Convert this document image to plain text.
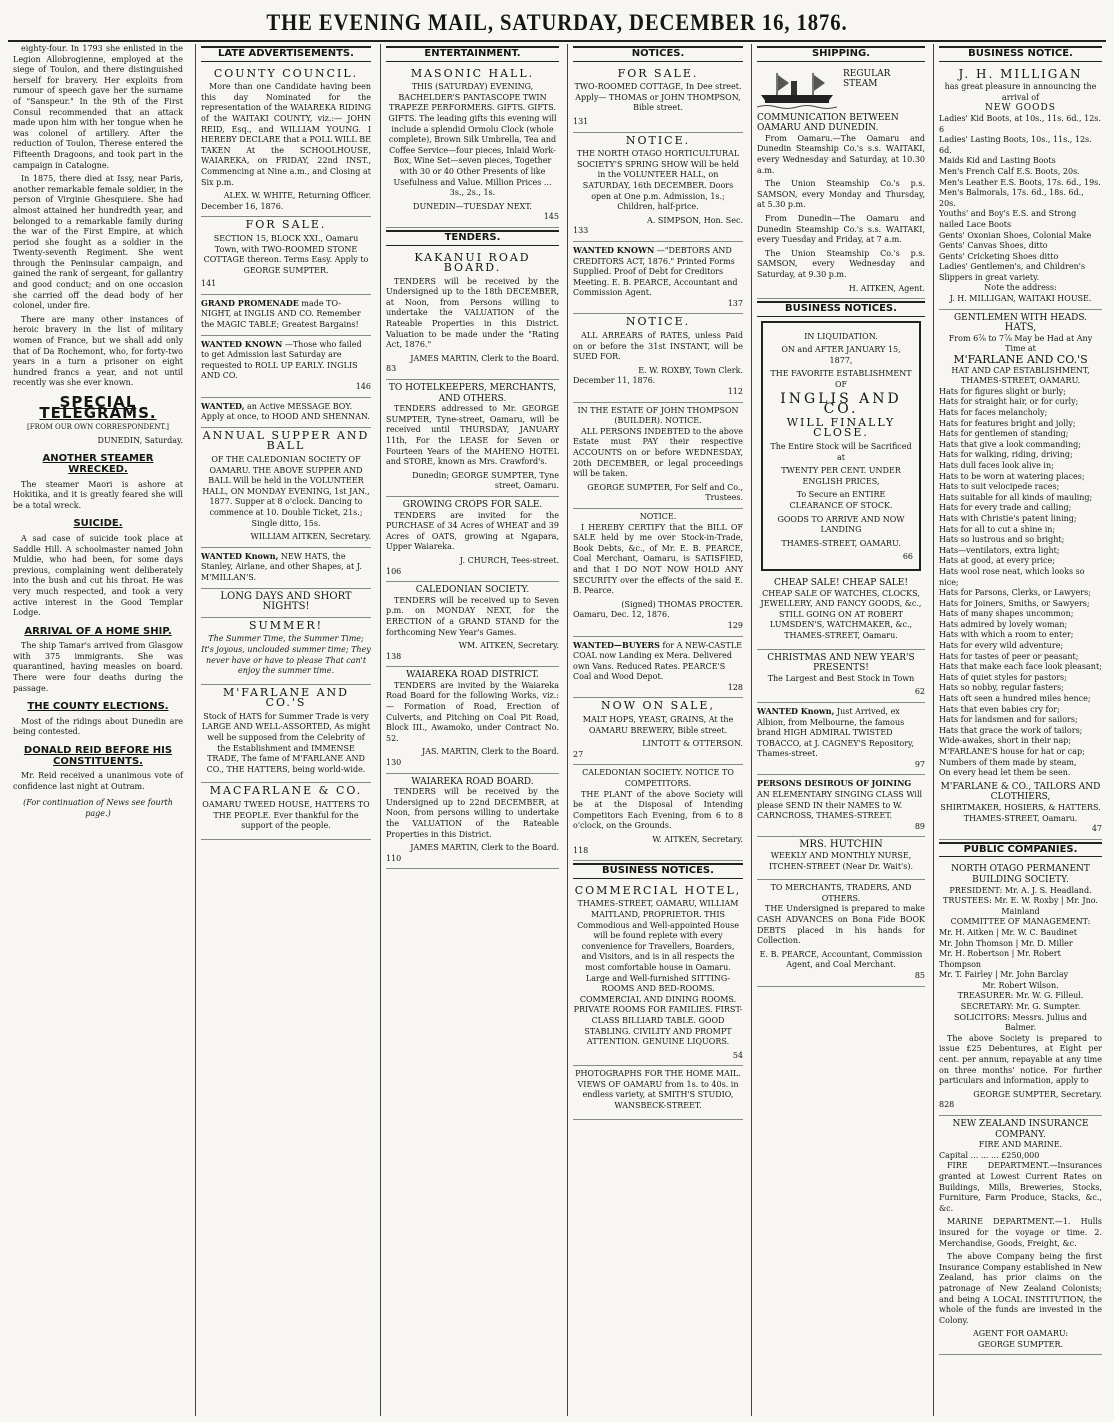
THE EVENING MAIL, SATURDAY, DECEMBER 16, 1876.

eighty-four. In 1793 she enlisted in the Legion Allobrogienne, employed at the siege of Toulon, and there distinguished herself for bravery. Her exploits from rumour of speech gave her the surname of "Sanspeur." In the 9th of the First Consul recommended that an attack made upon him with her tongue when he was colonel of artillery. After the reduction of Toulon, Therese entered the Fifteenth Dragoons, and took part in the campaign in Catalogne.

In 1875, there died at Issy, near Paris, another remarkable female soldier, in the person of Virginie Ghesquiere. She had almost attained her hundredth year, and belonged to a remarkable family during the war of the First Empire, at which period she fought as a soldier in the Twenty-seventh Regiment. She went through the Peninsular campaign, and gained the rank of sergeant, for gallantry and good conduct; and on one occasion she carried off the dead body of her colonel, under fire.

There are many other instances of heroic bravery in the list of military women of France, but we shall add only that of Da Rochemont, who, for forty-two years in a turn a prisoner on eight hundred francs a year, and not until recently was she ever known.

SPECIAL TELEGRAMS.
[FROM OUR OWN CORRESPONDENT.]
DUNEDIN, Saturday.
ANOTHER STEAMER WRECKED.

The steamer Maori is ashore at Hokitika, and it is greatly feared she will be a total wreck.

SUICIDE.

A sad case of suicide took place at Saddle Hill. A schoolmaster named John Muldie, who had been, for some days previous, complaining went deliberately into the bush and cut his throat. He was very much respected, and took a very active interest in the Good Templar Lodge.

ARRIVAL OF A HOME SHIP.

The ship Tamar's arrived from Glasgow with 375 immigrants. She was quarantined, having measles on board. There were four deaths during the passage.

THE COUNTY ELECTIONS.

Most of the ridings about Dunedin are being contested.

DONALD REID BEFORE HIS CONSTITUENTS.

Mr. Reid received a unanimous vote of confidence last night at Outram.

(For continuation of News see fourth page.)
LATE ADVERTISEMENTS.
COUNTY COUNCIL.

More than one Candidate having been this day Nominated for the representation of the WAIAREKA RIDING of the WAITAKI COUNTY, viz.:— JOHN REID, Esq., and WILLIAM YOUNG. I HEREBY DECLARE that a POLL WILL BE TAKEN At the SCHOOLHOUSE, WAIAREKA, on FRIDAY, 22nd INST., Commencing at Nine a.m., and Closing at Six p.m.

ALEX. W. WHITE, Returning Officer.
December 16, 1876.
FOR SALE.

SECTION 15, BLOCK XXI., Oamaru Town, with TWO-ROOMED STONE COTTAGE thereon. Terms Easy. Apply to GEORGE SUMPTER.

141
GRAND PROMENADE made TO-NIGHT, at INGLIS AND CO. Remember the MAGIC TABLE; Greatest Bargains!
WANTED KNOWN —Those who failed to get Admission last Saturday are requested to ROLL UP EARLY. INGLIS AND CO.
146
WANTED, an Active MESSAGE BOY. Apply at once, to HOOD AND SHENNAN.
ANNUAL SUPPER AND BALL

OF THE CALEDONIAN SOCIETY OF OAMARU. THE ABOVE SUPPER AND BALL Will be held in the VOLUNTEER HALL, ON MONDAY EVENING, 1st JAN., 1877. Supper at 8 o'clock. Dancing to commence at 10. Double Ticket, 21s.; Single ditto, 15s.

WILLIAM AITKEN, Secretary.
WANTED Known, NEW HATS, the Stanley, Airlane, and other Shapes, at J. M'MILLAN'S.
LONG DAYS AND SHORT NIGHTS!
SUMMER!

The Summer Time, the Summer Time; It's joyous, unclouded summer time; They never have or have to please That can't enjoy the summer time.

M'FARLANE AND CO.'S

Stock of HATS for Summer Trade is very LARGE AND WELL-ASSORTED, As might well be supposed from the Celebrity of the Establishment and IMMENSE TRADE, The fame of M'FARLANE AND CO., THE HATTERS, being world-wide.

MACFARLANE & CO.

OAMARU TWEED HOUSE, HATTERS TO THE PEOPLE. Ever thankful for the support of the people.

ENTERTAINMENT.
MASONIC HALL.

THIS (SATURDAY) EVENING, BACHELDER'S PANTASCOPE TWIN TRAPEZE PERFORMERS. GIFTS. GIFTS. GIFTS. The leading gifts this evening will include a splendid Ormolu Clock (whole complete), Brown Silk Umbrella, Tea and Coffee Service—four pieces, Inlaid Work-Box, Wine Set—seven pieces, Together with 30 or 40 Other Presents of like Usefulness and Value. Million Prices ... 3s., 2s., 1s.

DUNEDIN—TUESDAY NEXT.
145
TENDERS.
KAKANUI ROAD BOARD.

TENDERS will be received by the Undersigned up to the 18th DECEMBER, at Noon, from Persons willing to undertake the VALUATION of the Rateable Properties in this District. Valuation to be made under the "Rating Act, 1876."

JAMES MARTIN, Clerk to the Board.
83
TO HOTELKEEPERS, MERCHANTS, AND OTHERS.

TENDERS addressed to Mr. GEORGE SUMPTER, Tyne-street, Oamaru, will be received until THURSDAY, JANUARY 11th, For the LEASE for Seven or Fourteen Years of the MAHENO HOTEL and STORE, known as Mrs. Crawford's.

Dunedin; GEORGE SUMPTER, Tyne street, Oamaru.
GROWING CROPS FOR SALE.

TENDERS are invited for the PURCHASE of 34 Acres of WHEAT and 39 Acres of OATS, growing at Ngapara, Upper Waiareka.

J. CHURCH, Tees-street.
106
CALEDONIAN SOCIETY.

TENDERS will be received up to Seven p.m. on MONDAY NEXT, for the ERECTION of a GRAND STAND for the forthcoming New Year's Games.

WM. AITKEN, Secretary.
138
WAIAREKA ROAD DISTRICT.

TENDERS are invited by the Waiareka Road Board for the following Works, viz.:— Formation of Road, Erection of Culverts, and Pitching on Coal Pit Road, Block III., Awamoko, under Contract No. 52.

JAS. MARTIN, Clerk to the Board.
130
WAIAREKA ROAD BOARD.

TENDERS will be received by the Undersigned up to 22nd DECEMBER, at Noon, from persons willing to undertake the VALUATION of the Rateable Properties in this District.

JAMES MARTIN, Clerk to the Board.
110
NOTICES.
FOR SALE.

TWO-ROOMED COTTAGE, In Dee street. Apply— THOMAS or JOHN THOMPSON, Bible street.

131
NOTICE.

THE NORTH OTAGO HORTICULTURAL SOCIETY'S SPRING SHOW Will be held in the VOLUNTEER HALL, on SATURDAY, 16th DECEMBER. Doors open at One p.m. Admission, 1s.; Children, half-price.

A. SIMPSON, Hon. Sec.
133
WANTED KNOWN —"DEBTORS AND CREDITORS ACT, 1876." Printed Forms Supplied. Proof of Debt for Creditors Meeting. E. B. PEARCE, Accountant and Commission Agent.
137
NOTICE.

ALL ARREARS of RATES, unless Paid on or before the 31st INSTANT, will be SUED FOR.

E. W. ROXBY, Town Clerk.
December 11, 1876.
112
IN THE ESTATE OF JOHN THOMPSON (BUILDER). NOTICE.

ALL PERSONS INDEBTED to the above Estate must PAY their respective ACCOUNTS on or before WEDNESDAY, 20th DECEMBER, or legal proceedings will be taken.

GEORGE SUMPTER, For Self and Co., Trustees.
NOTICE.

I HEREBY CERTIFY that the BILL OF SALE held by me over Stock-in-Trade, Book Debts, &c., of Mr. E. B. PEARCE, Coal Merchant, Oamaru, is SATISFIED, and that I DO NOT NOW HOLD ANY SECURITY over the effects of the said E. B. Pearce.

(Signed) THOMAS PROCTER.
Oamaru, Dec. 12, 1876.
129
WANTED—BUYERS for A NEW-CASTLE COAL now Landing ex Mera. Delivered own Vans. Reduced Rates. PEARCE'S Coal and Wood Depot.
128
NOW ON SALE,

MALT HOPS, YEAST, GRAINS, At the OAMARU BREWERY, Bible street.

LINTOTT & OTTERSON.
27
CALEDONIAN SOCIETY. NOTICE TO COMPETITORS.

THE PLANT of the above Society will be at the Disposal of Intending Competitors Each Evening, from 6 to 8 o'clock, on the Grounds.

W. AITKEN, Secretary.
118
BUSINESS NOTICES.
COMMERCIAL HOTEL,

THAMES-STREET, OAMARU, WILLIAM MAITLAND, PROPRIETOR. THIS Commodious and Well-appointed House will be found replete with every convenience for Travellers, Boarders, and Visitors, and is in all respects the most comfortable house in Oamaru. Large and Well-furnished SITTING-ROOMS AND BED-ROOMS. COMMERCIAL AND DINING ROOMS. PRIVATE ROOMS FOR FAMILIES. FIRST-CLASS BILLIARD TABLE. GOOD STABLING. CIVILITY AND PROMPT ATTENTION. GENUINE LIQUORS.

54
PHOTOGRAPHS FOR THE HOME MAIL.

VIEWS OF OAMARU from 1s. to 40s. in endless variety, at SMITH'S STUDIO, WANSBECK-STREET.

SHIPPING.
REGULAR STEAM COMMUNICATION BETWEEN OAMARU AND DUNEDIN.

From Oamaru.—The Oamaru and Dunedin Steamship Co.'s s.s. WAITAKI, every Wednesday and Saturday, at 10.30 a.m.

The Union Steamship Co.'s p.s. SAMSON, every Monday and Thursday, at 5.30 p.m.

From Dunedin—The Oamaru and Dunedin Steamship Co.'s s.s. WAITAKI, every Tuesday and Friday, at 7 a.m.

The Union Steamship Co.'s p.s. SAMSON, every Wednesday and Saturday, at 9.30 p.m.

H. AITKEN, Agent.
BUSINESS NOTICES.
IN LIQUIDATION.
ON and AFTER JANUARY 15, 1877,
THE FAVORITE ESTABLISHMENT OF
INGLIS AND CO.
WILL FINALLY CLOSE.
The Entire Stock will be Sacrificed at
TWENTY PER CENT. UNDER ENGLISH PRICES,
To Secure an ENTIRE CLEARANCE OF STOCK.
GOODS TO ARRIVE AND NOW LANDING
THAMES-STREET, OAMARU.
66
CHEAP SALE! CHEAP SALE!

CHEAP SALE OF WATCHES, CLOCKS, JEWELLERY, AND FANCY GOODS, &c., STILL GOING ON AT ROBERT LUMSDEN'S, WATCHMAKER, &c., THAMES-STREET, Oamaru.

CHRISTMAS AND NEW YEAR'S PRESENTS!

The Largest and Best Stock in Town

62
WANTED Known, Just Arrived, ex Albion, from Melbourne, the famous brand HIGH ADMIRAL TWISTED TOBACCO, at J. CAGNEY'S Repository, Thames-street.
97
PERSONS DESIROUS OF JOINING AN ELEMENTARY SINGING CLASS Will please SEND IN their NAMES to W. CARNCROSS, THAMES-STREET.
89
MRS. HUTCHIN

WEEKLY AND MONTHLY NURSE, ITCHEN-STREET (Near Dr. Wait's).

TO MERCHANTS, TRADERS, AND OTHERS.

THE Undersigned is prepared to make CASH ADVANCES on Bona Fide BOOK DEBTS placed in his hands for Collection.

E. B. PEARCE, Accountant, Commission Agent, and Coal Merchant.
85
BUSINESS NOTICE.
J. H. MILLIGAN
has great pleasure in announcing the arrival of
NEW GOODS
Ladies' Kid Boots, at 10s., 11s. 6d., 12s. 6
Ladies' Lasting Boots, 10s., 11s., 12s. 6d.
Maids Kid and Lasting Boots
Men's French Calf E.S. Boots, 20s.
Men's Leather E.S. Boots, 17s. 6d., 19s.
Men's Balmorals, 17s. 6d., 18s. 6d., 20s.
Youths' and Boy's E.S. and Strong nailed Lace Boots
Gents' Oxonian Shoes, Colonial Make
Gents' Canvas Shoes, ditto
Gents' Cricketing Shoes ditto
Ladies' Gentlemen's, and Children's Slippers in great variety.
Note the address:
J. H. MILLIGAN, WAITAKI HOUSE.
GENTLEMEN WITH HEADS.
HATS,
From 6⅞ to 7⅞ May be Had at Any Time at
M'FARLANE AND CO.'S
HAT AND CAP ESTABLISHMENT, THAMES-STREET, OAMARU.
Hats for figures slight or burly;
Hats for straight hair, or for curly;
Hats for faces melancholy;
Hats for features bright and jolly;
Hats for gentlemen of standing;
Hats that give a look commanding;
Hats for walking, riding, driving;
Hats dull faces look alive in;
Hats to be worn at watering places;
Hats to suit velocipede races;
Hats suitable for all kinds of mauling;
Hats for every trade and calling;
Hats with Christie's patent lining;
Hats for all to cut a shine in;
Hats so lustrous and so bright;
Hats—ventilators, extra light;
Hats at good, at every price;
Hats wool rose neat, which looks so nice;
Hats for Parsons, Clerks, or Lawyers;
Hats for Joiners, Smiths, or Sawyers;
Hats of many shapes uncommon;
Hats admired by lovely woman;
Hats with which a room to enter;
Hats for every wild adventure;
Hats for tastes of peer or peasant;
Hats that make each face look pleasant;
Hats of quiet styles for pastors;
Hats so nobby, regular fasters;
Hats oft seen a hundred miles hence;
Hats that even babies cry for;
Hats for landsmen and for sailors;
Hats that grace the work of tailors;
Wide-awakes, short in their nap;
M'FARLANE'S house for hat or cap;
Numbers of them made by steam,
On every head let them be seen.
M'FARLANE & CO., TAILORS AND CLOTHIERS,
SHIRTMAKER, HOSIERS, & HATTERS.
THAMES-STREET, Oamaru.
47
PUBLIC COMPANIES.
NORTH OTAGO PERMANENT BUILDING SOCIETY.
PRESIDENT: Mr. A. J. S. Headland.
TRUSTEES: Mr. E. W. Roxby | Mr. Jno. Mainland
COMMITTEE OF MANAGEMENT:
Mr. H. Aitken | Mr. W. C. Baudinet
Mr. John Thomson | Mr. D. Miller
Mr. H. Robertson | Mr. Robert Thompson
Mr. T. Fairley | Mr. John Barclay
Mr. Robert Wilson.
TREASURER: Mr. W. G. Filleul.
SECRETARY: Mr. G. Sumpter.
SOLICITORS: Messrs. Julius and Balmer.

The above Society is prepared to issue £25 Debentures, at Eight per cent. per annum, repayable at any time on three months' notice. For further particulars and information, apply to

GEORGE SUMPTER, Secretary.
828
NEW ZEALAND INSURANCE COMPANY.
FIRE AND MARINE.
Capital ... ... ... £250,000

FIRE DEPARTMENT.—Insurances granted at Lowest Current Rates on Buildings, Mills, Breweries, Stocks, Furniture, Farm Produce, Stacks, &c., &c.

MARINE DEPARTMENT.—1. Hulls insured for the voyage or time. 2. Merchandise, Goods, Freight, &c.

The above Company being the first Insurance Company established in New Zealand, has prior claims on the patronage of New Zealand Colonists; and being A LOCAL INSTITUTION, the whole of the funds are invested in the Colony.

AGENT FOR OAMARU:
GEORGE SUMPTER.
